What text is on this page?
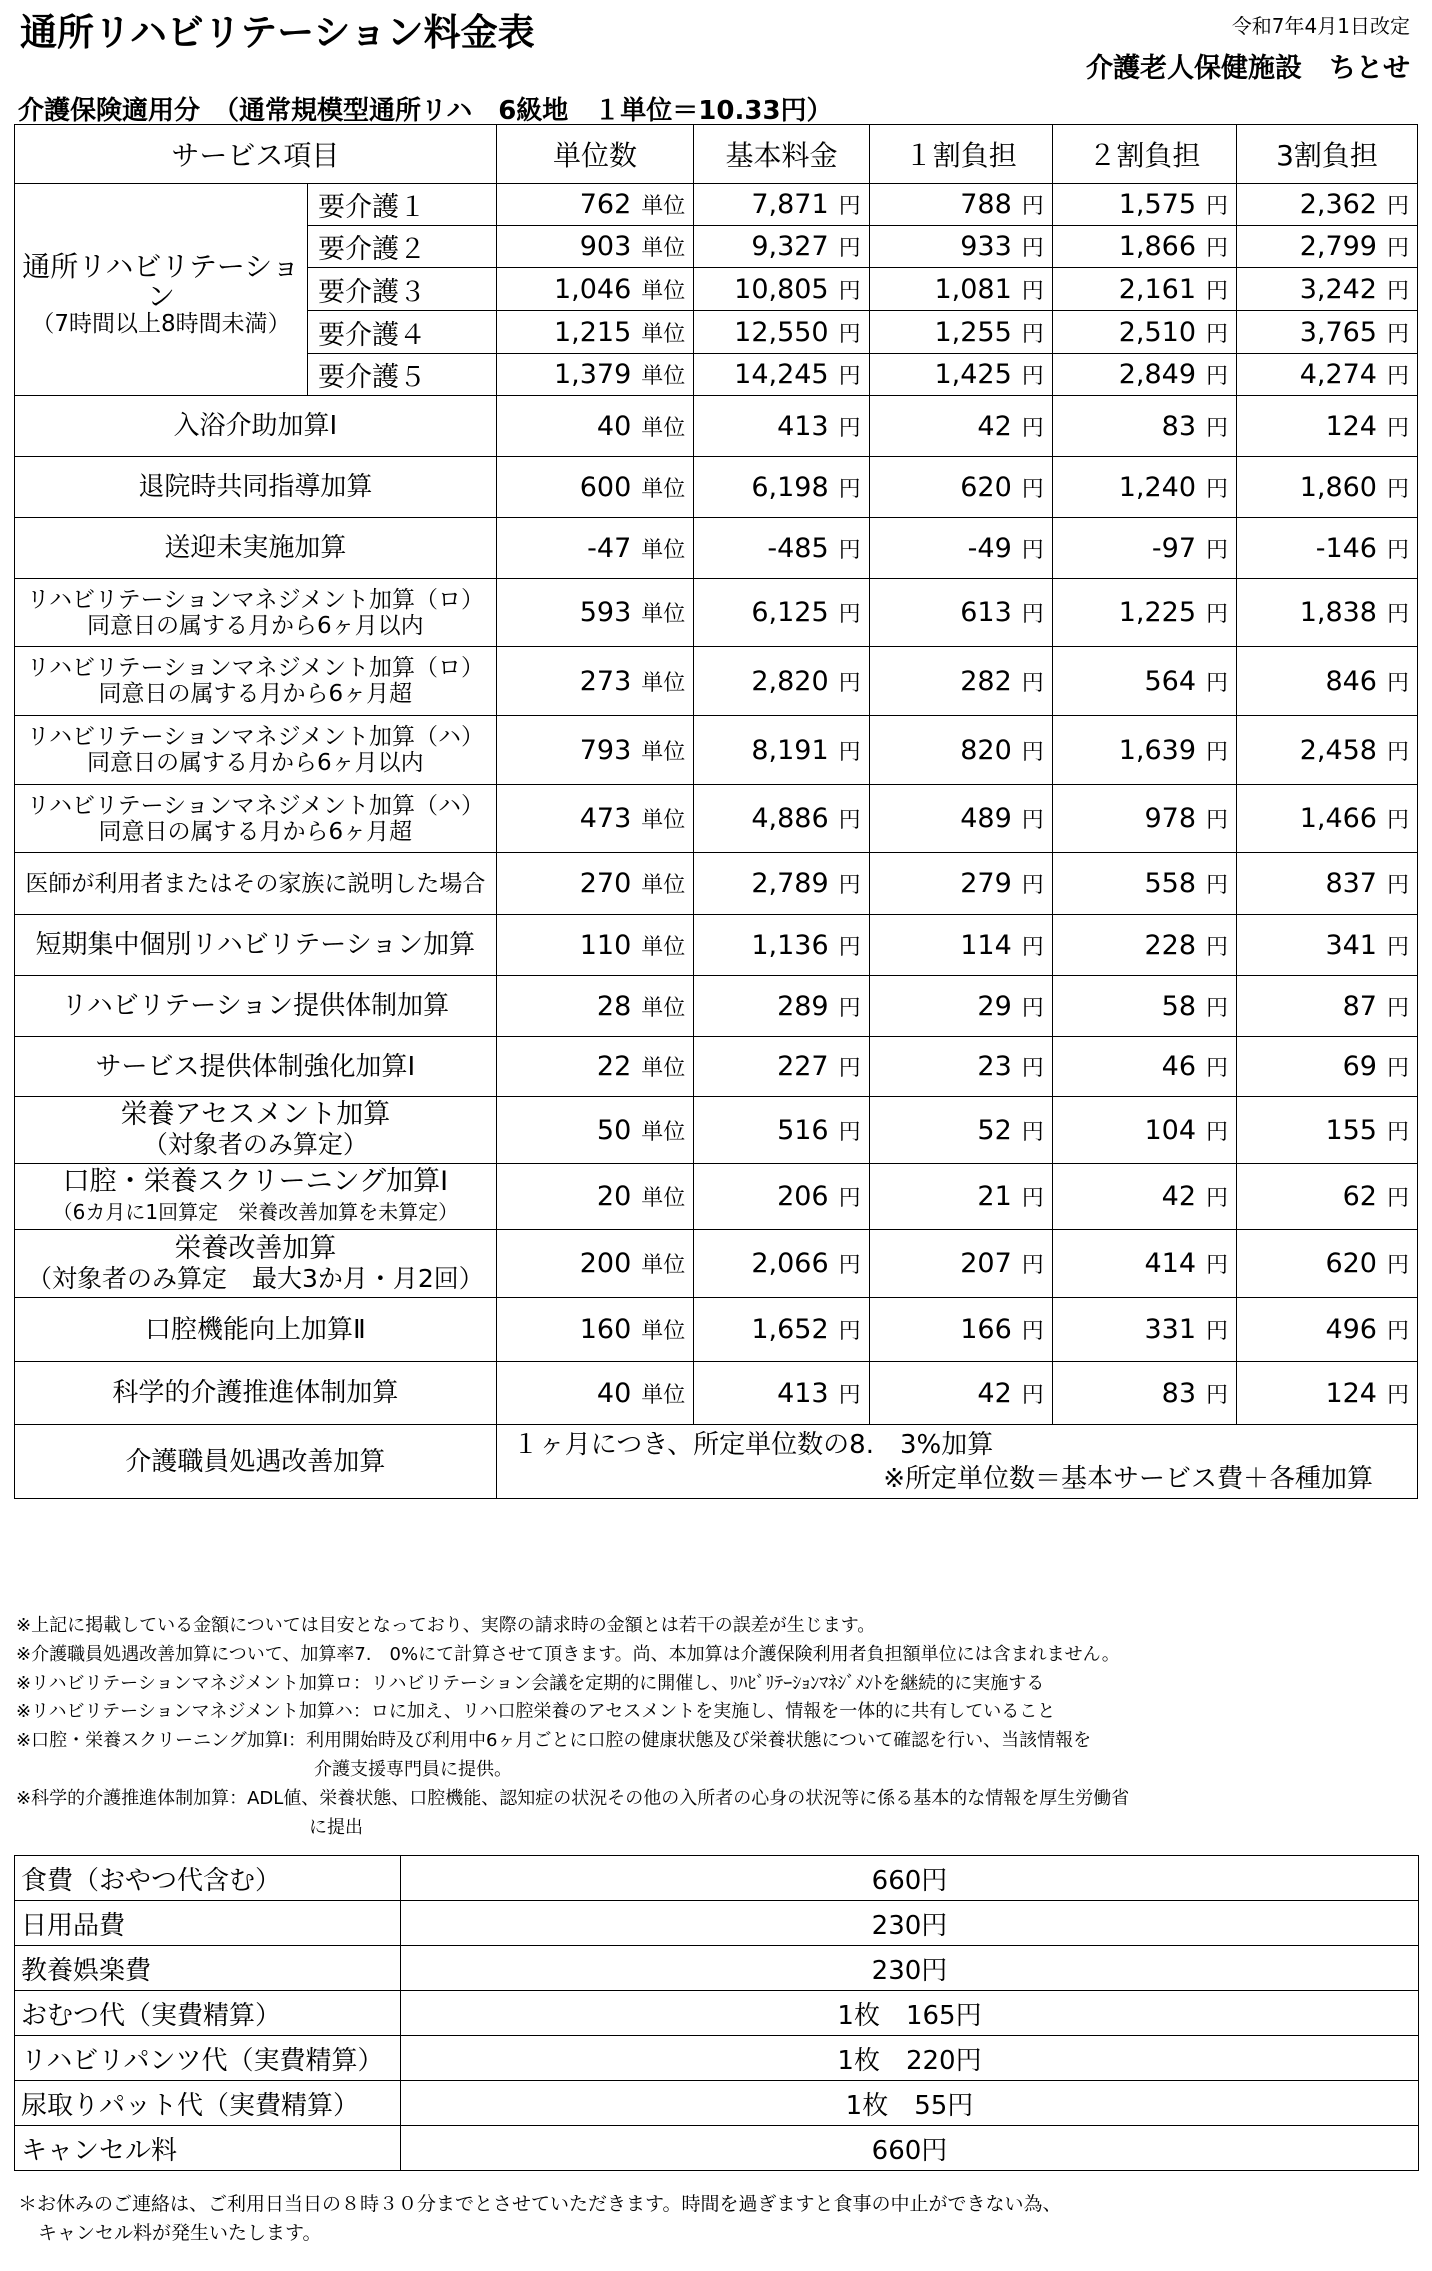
通所リハビリテーション料金表	令和7年4月1日改定
介護老人保健施設　ちとせ
介護保険適用分　（通常規模型通所リハ　6級地　１単位＝10.33円）
サービス項目		単位数	基本料金	１割負担	２割負担	3割負担

通所リハビリテーション
（7時間以上8時間未満）	要介護１	762 単位	7,871 円	788 円	1,575 円	2,362 円
	要介護２	903 単位	9,327 円	933 円	1,866 円	2,799 円
	要介護３	1,046 単位	10,805 円	1,081 円	2,161 円	3,242 円
	要介護４	1,215 単位	12,550 円	1,255 円	2,510 円	3,765 円
	要介護５	1,379 単位	14,245 円	1,425 円	2,849 円	4,274 円

入浴介助加算Ⅰ		40 単位	413 円	42 円	83 円	124 円

退院時共同指導加算		600 単位	6,198 円	620 円	1,240 円	1,860 円

送迎未実施加算		-47 単位	-485 円	-49 円	-97 円	-146 円

リハビリテーションマネジメント加算（ロ）
同意日の属する月から6ヶ月以内		593 単位	6,125 円	613 円	1,225 円	1,838 円

リハビリテーションマネジメント加算（ロ）
同意日の属する月から6ヶ月超		273 単位	2,820 円	282 円	564 円	846 円

リハビリテーションマネジメント加算（ハ）
同意日の属する月から6ヶ月以内		793 単位	8,191 円	820 円	1,639 円	2,458 円

リハビリテーションマネジメント加算（ハ）
同意日の属する月から6ヶ月超		473 単位	4,886 円	489 円	978 円	1,466 円

医師が利用者またはその家族に説明した場合		270 単位	2,789 円	279 円	558 円	837 円

短期集中個別リハビリテーション加算		110 単位	1,136 円	114 円	228 円	341 円

リハビリテーション提供体制加算		28 単位	289 円	29 円	58 円	87 円

サービス提供体制強化加算Ⅰ		22 単位	227 円	23 円	46 円	69 円

栄養アセスメント加算
（対象者のみ算定）		50 単位	516 円	52 円	104 円	155 円

口腔・栄養スクリーニング加算Ⅰ
（6カ月に1回算定　栄養改善加算を未算定）		20 単位	206 円	21 円	42 円	62 円

栄養改善加算
（対象者のみ算定　最大3か月・月2回）		200 単位	2,066 円	207 円	414 円	620 円

口腔機能向上加算Ⅱ		160 単位	1,652 円	166 円	331 円	496 円

科学的介護推進体制加算		40 単位	413 円	42 円	83 円	124 円
介護職員処遇改善加算		１ヶ月につき、所定単位数の8.　3%加算
※所定単位数＝基本サービス費＋各種加算				
※上記に掲載している金額については目安となっており、実際の請求時の金額とは若干の誤差が生じます。
※介護職員処遇改善加算について、加算率7.　0%にて計算させて頂きます。尚、本加算は介護保険利用者負担額単位には含まれません。
※リハビリテーションマネジメント加算ロ：リハビリテーション会議を定期的に開催し、ﾘﾊﾋﾞﾘﾃｰｼｮﾝﾏﾈｼﾞﾒﾝﾄを継続的に実施する
※リハビリテーションマネジメント加算ハ：ロに加え、リハ口腔栄養のアセスメントを実施し、情報を一体的に共有していること
※口腔・栄養スクリーニング加算Ⅰ：利用開始時及び利用中6ヶ月ごとに口腔の健康状態及び栄養状態について確認を行い、当該情報を
介護支援専門員に提供。
※科学的介護推進体制加算：ADL値、栄養状態、口腔機能、認知症の状況その他の入所者の心身の状況等に係る基本的な情報を厚生労働省
に提出
食費（おやつ代含む）	660円
日用品費	230円
教養娯楽費	230円
おむつ代（実費精算）	1枚　165円
リハビリパンツ代（実費精算）	1枚　220円
尿取りパット代（実費精算）	1枚　55円
キャンセル料	660円
＊お休みのご連絡は、ご利用日当日の８時３０分までとさせていただきます。時間を過ぎますと食事の中止ができない為、
キャンセル料が発生いたします。
